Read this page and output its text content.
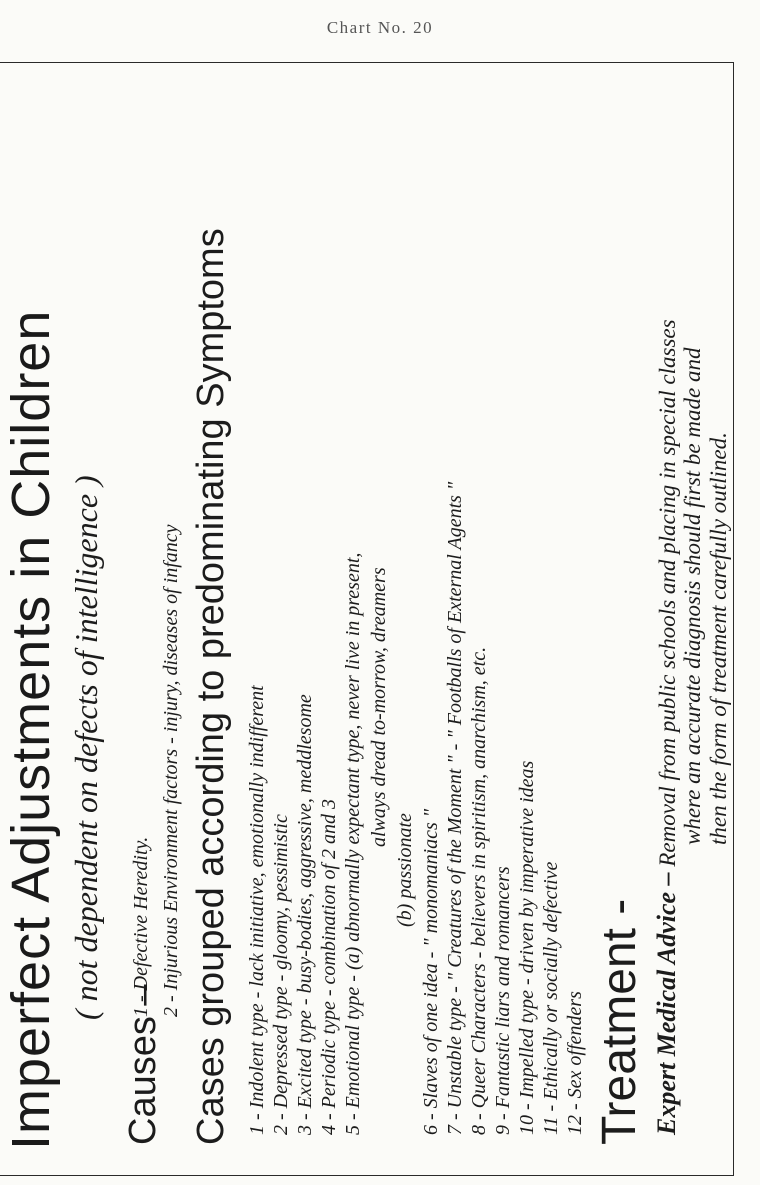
Chart No. 20
Imperfect Adjustments in Children ( not dependent on defects of intelligence )
Causes –
1 - Defective Heredity. 2 - Injurious Environment factors - injury, diseases of infancy Cases grouped according to predominating Symptoms 1 - Indolent type - lack initiative, emotionally indifferent 2 - Depressed type - gloomy, pessimistic 3 - Excited type - busy-bodies, aggressive, meddlesome 4 - Periodic type - combination of 2 and 3 5 - Emotional type - (a) abnormally expectant type, never live in present, always dread to-morrow, dreamers
(b) passionate 6 - Slaves of one idea - " monomaniacs " 7 - Unstable type - " Creatures of the Moment " - " Footballs of External Agents " 8 - Queer Characters - believers in spiritism, anarchism, etc. 9 - Fantastic liars and romancers 10 - Impelled type - driven by imperative ideas 11 - Ethically or socially defective 12 - Sex offenders Treatment - Expert Medical Advice – Removal from public schools and placing in special classes where an accurate diagnosis should first be made and then the form of treatment carefully outlined.
